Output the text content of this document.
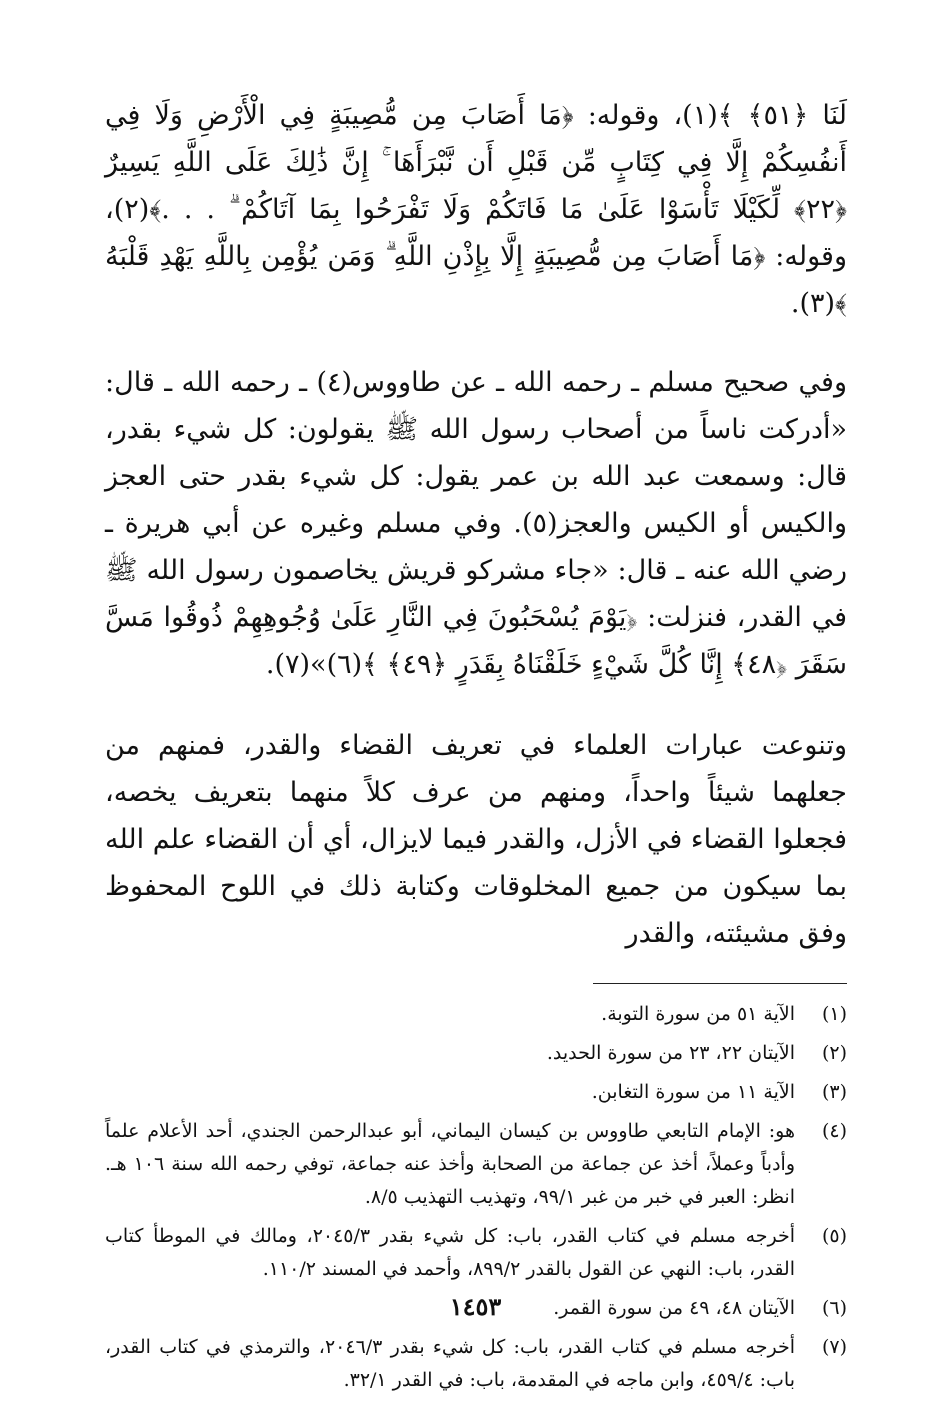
لَنَا ﴿٥١﴾ ﴾(١)، وقوله: ﴿مَا أَصَابَ مِن مُّصِيبَةٍ فِي الْأَرْضِ وَلَا فِي أَنفُسِكُمْ إِلَّا فِي كِتَابٍ مِّن قَبْلِ أَن نَّبْرَأَهَا ۚ إِنَّ ذَٰلِكَ عَلَى اللَّهِ يَسِيرٌ ﴿٢٢﴾ لِّكَيْلَا تَأْسَوْا عَلَىٰ مَا فَاتَكُمْ وَلَا تَفْرَحُوا بِمَا آتَاكُمْ ۗ . . .﴾(٢)، وقوله: ﴿مَا أَصَابَ مِن مُّصِيبَةٍ إِلَّا بِإِذْنِ اللَّهِ ۗ وَمَن يُؤْمِن بِاللَّهِ يَهْدِ قَلْبَهُ ﴾(٣).

وفي صحيح مسلم ـ رحمه الله ـ عن طاووس(٤) ـ رحمه الله ـ قال: «أدركت ناساً من أصحاب رسول الله ﷺ يقولون: كل شيء بقدر، قال: وسمعت عبد الله بن عمر يقول: كل شيء بقدر حتى العجز والكيس أو الكيس والعجز(٥). وفي مسلم وغيره عن أبي هريرة ـ رضي الله عنه ـ قال: «جاء مشركو قريش يخاصمون رسول الله ﷺ في القدر، فنزلت: ﴿يَوْمَ يُسْحَبُونَ فِي النَّارِ عَلَىٰ وُجُوهِهِمْ ذُوقُوا مَسَّ سَقَرَ ﴿٤٨﴾ إِنَّا كُلَّ شَيْءٍ خَلَقْنَاهُ بِقَدَرٍ ﴿٤٩﴾ ﴾(٦)»(٧).

وتنوعت عبارات العلماء في تعريف القضاء والقدر، فمنهم من جعلهما شيئاً واحداً، ومنهم من عرف كلاً منهما بتعريف يخصه، فجعلوا القضاء في الأزل، والقدر فيما لايزال، أي أن القضاء علم الله بما سيكون من جميع المخلوقات وكتابة ذلك في اللوح المحفوظ وفق مشيئته، والقدر

(١)
الآية ٥١ من سورة التوبة.
(٢)
الآيتان ٢٢، ٢٣ من سورة الحديد.
(٣)
الآية ١١ من سورة التغابن.
(٤)
هو: الإمام التابعي طاووس بن كيسان اليماني، أبو عبدالرحمن الجندي، أحد الأعلام علماً وأدباً وعملاً، أخذ عن جماعة من الصحابة وأخذ عنه جماعة، توفي رحمه الله سنة ١٠٦ هـ. انظر: العبر في خبر من غبر ٩٩/١، وتهذيب التهذيب ٨/٥.
(٥)
أخرجه مسلم في كتاب القدر، باب: كل شيء بقدر ٢٠٤٥/٣، ومالك في الموطأ كتاب القدر، باب: النهي عن القول بالقدر ٨٩٩/٢، وأحمد في المسند ١١٠/٢.
(٦)
الآيتان ٤٨، ٤٩ من سورة القمر.
(٧)
أخرجه مسلم في كتاب القدر، باب: كل شيء بقدر ٢٠٤٦/٣، والترمذي في كتاب القدر، باب: ٤٥٩/٤، وابن ماجه في المقدمة، باب: في القدر ٣٢/١.
١٤٥٣
